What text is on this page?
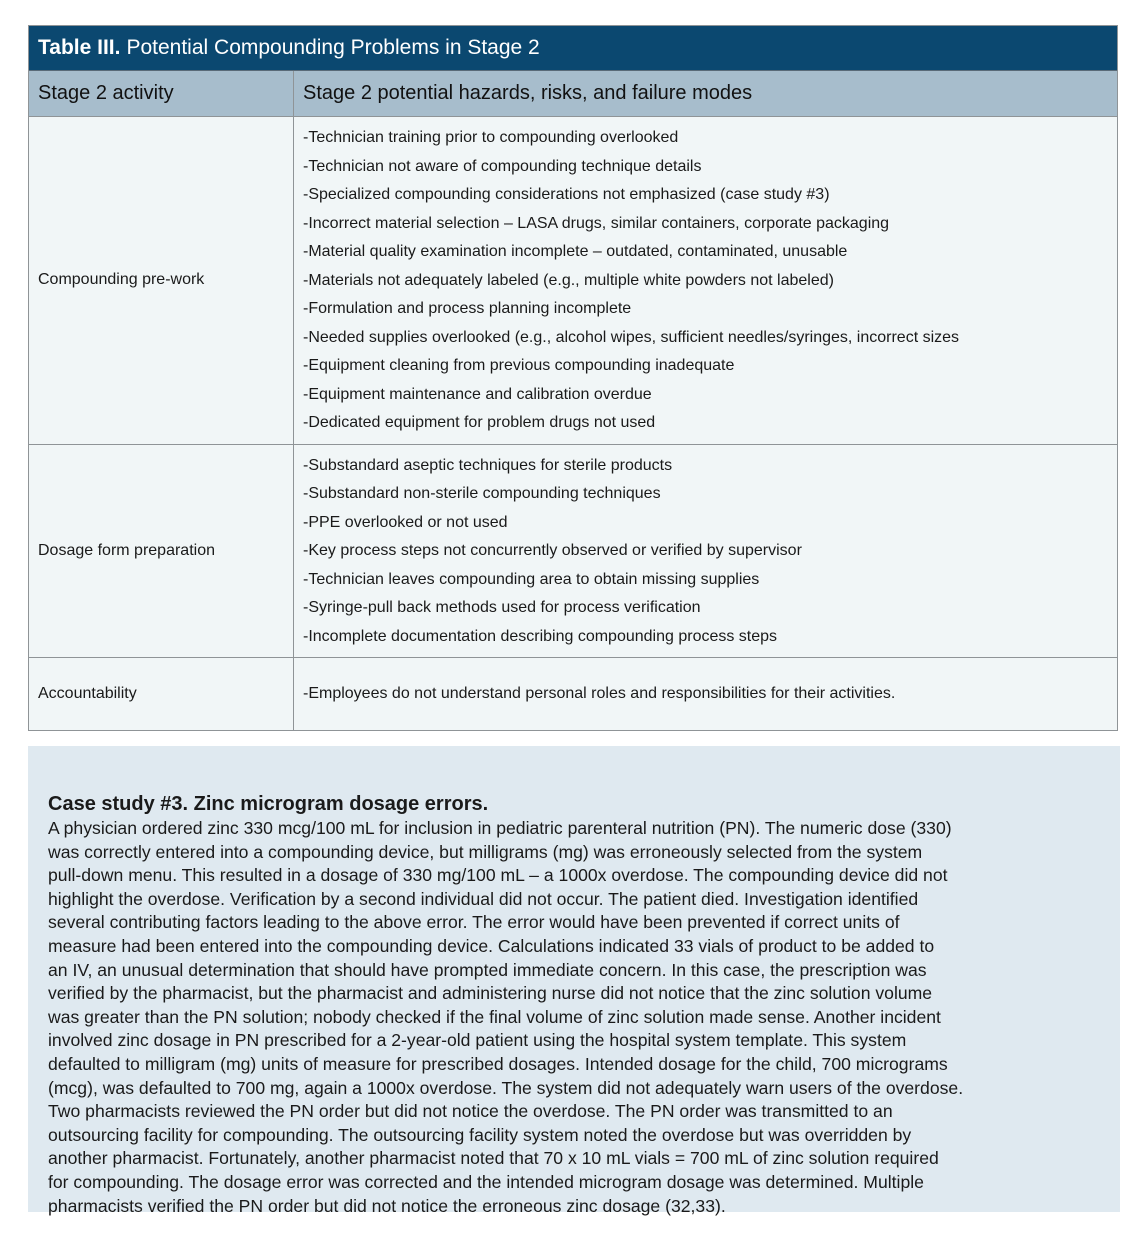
Table III. Potential Compounding Problems in Stage 2
Stage 2 activity	Stage 2 potential hazards, risks, and failure modes
Compounding pre-work	
-Technician training prior to compounding overlooked
-Technician not aware of compounding technique details
-Specialized compounding considerations not emphasized (case study #3)
-Incorrect material selection – LASA drugs, similar containers, corporate packaging
-Material quality examination incomplete – outdated, contaminated, unusable
-Materials not adequately labeled (e.g., multiple white powders not labeled)
-Formulation and process planning incomplete
-Needed supplies overlooked (e.g., alcohol wipes, sufficient needles/syringes, incorrect sizes
-Equipment cleaning from previous compounding inadequate
-Equipment maintenance and calibration overdue
-Dedicated equipment for problem drugs not used

Dosage form preparation	
-Substandard aseptic techniques for sterile products
-Substandard non-sterile compounding techniques
-PPE overlooked or not used
-Key process steps not concurrently observed or verified by supervisor
-Technician leaves compounding area to obtain missing supplies
-Syringe-pull back methods used for process verification
-Incomplete documentation describing compounding process steps

Accountability	-Employees do not understand personal roles and responsibilities for their activities.
Case study #3. Zinc microgram dosage errors.
A physician ordered zinc 330 mcg/100 mL for inclusion in pediatric parenteral nutrition (PN). The numeric dose (330)
was correctly entered into a compounding device, but milligrams (mg) was erroneously selected from the system
pull-down menu. This resulted in a dosage of 330 mg/100 mL – a 1000x overdose. The compounding device did not
highlight the overdose. Verification by a second individual did not occur. The patient died. Investigation identified
several contributing factors leading to the above error. The error would have been prevented if correct units of
measure had been entered into the compounding device. Calculations indicated 33 vials of product to be added to
an IV, an unusual determination that should have prompted immediate concern. In this case, the prescription was
verified by the pharmacist, but the pharmacist and administering nurse did not notice that the zinc solution volume
was greater than the PN solution; nobody checked if the final volume of zinc solution made sense. Another incident
involved zinc dosage in PN prescribed for a 2-year-old patient using the hospital system template. This system
defaulted to milligram (mg) units of measure for prescribed dosages. Intended dosage for the child, 700 micrograms
(mcg), was defaulted to 700 mg, again a 1000x overdose. The system did not adequately warn users of the overdose.
Two pharmacists reviewed the PN order but did not notice the overdose. The PN order was transmitted to an
outsourcing facility for compounding. The outsourcing facility system noted the overdose but was overridden by
another pharmacist. Fortunately, another pharmacist noted that 70 x 10 mL vials = 700 mL of zinc solution required
for compounding. The dosage error was corrected and the intended microgram dosage was determined. Multiple
pharmacists verified the PN order but did not notice the erroneous zinc dosage (32,33).
